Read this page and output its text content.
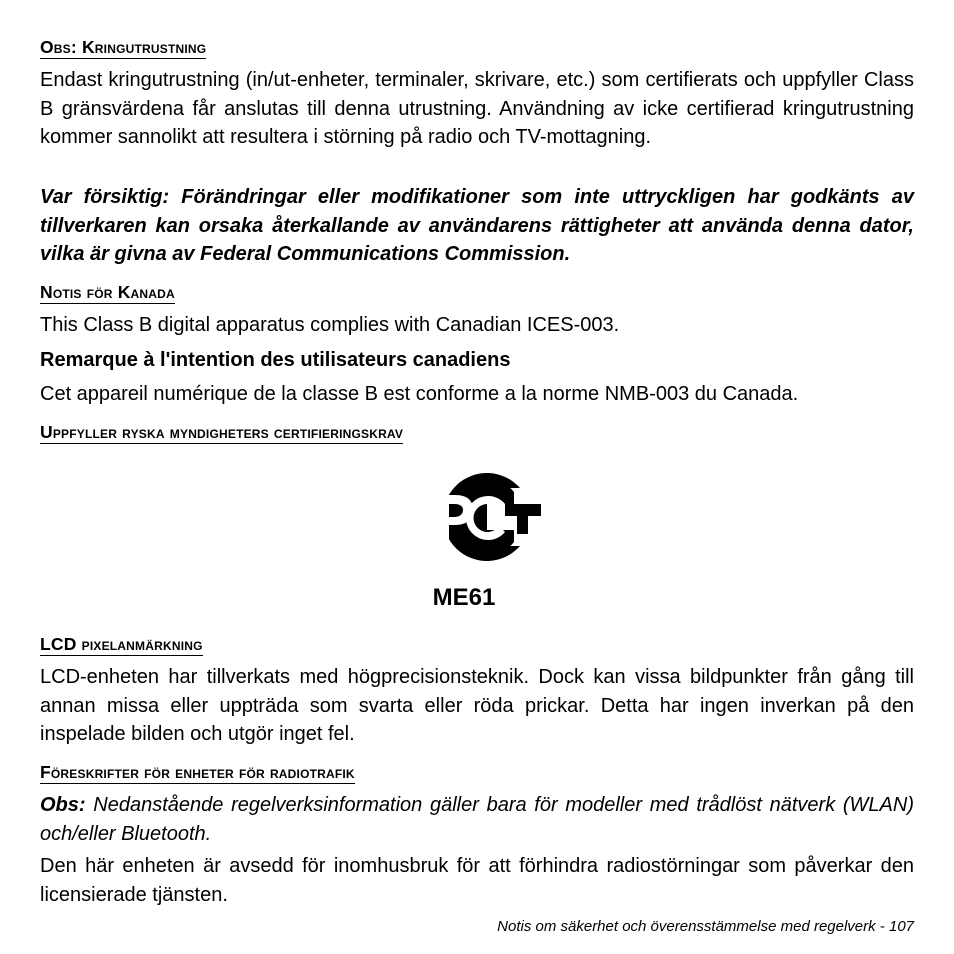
Obs: Kringutrustning
Endast kringutrustning (in/ut-enheter, terminaler, skrivare, etc.) som certifierats och uppfyller Class B gränsvärdena får anslutas till denna utrustning. Användning av icke certifierad kringutrustning kommer sannolikt att resultera i störning på radio och TV-mottagning.
Var försiktig: Förändringar eller modifikationer som inte uttryckligen har godkänts av tillverkaren kan orsaka återkallande av användarens rättigheter att använda denna dator, vilka är givna av Federal Communications Commission.
Notis för Kanada
This Class B digital apparatus complies with Canadian ICES-003.
Remarque à l'intention des utilisateurs canadiens
Cet appareil numérique de la classe B est conforme a la norme NMB-003 du Canada.
Uppfyller ryska myndigheters certifieringskrav
LCD pixelanmärkning
LCD-enheten har tillverkats med högprecisionsteknik. Dock kan vissa bildpunkter från gång till annan missa eller uppträda som svarta eller röda prickar. Detta har ingen inverkan på den inspelade bilden och utgör inget fel.
Föreskrifter för enheter för radiotrafik
Obs: Nedanstående regelverksinformation gäller bara för modeller med trådlöst nätverk (WLAN) och/eller Bluetooth.
Den här enheten är avsedd för inomhusbruk för att förhindra radiostörningar som påverkar den licensierade tjänsten.
ME61
Notis om säkerhet och överensstämmelse med regelverk - 107
